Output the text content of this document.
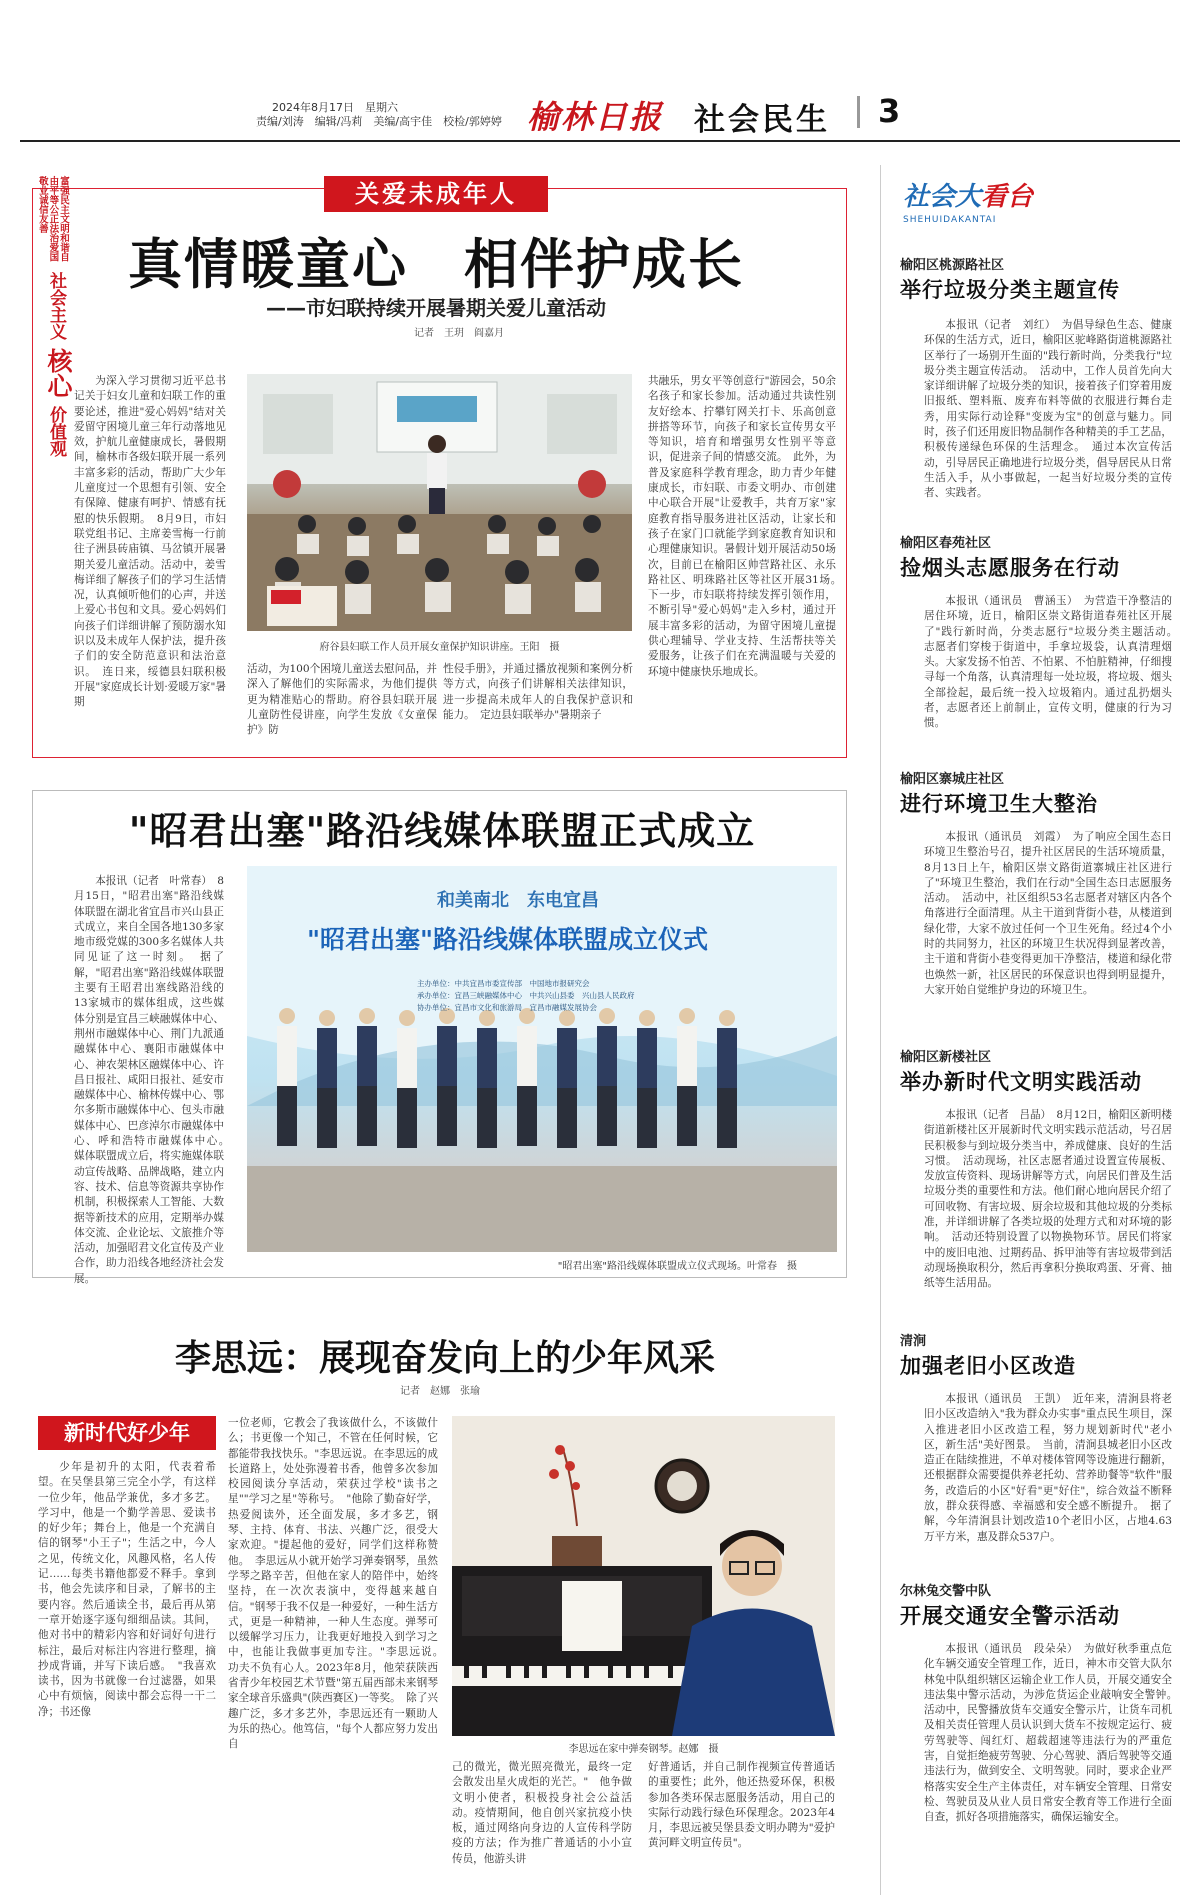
2024年8月17日　星期六
责编/刘涛　编辑/冯莉　美编/高宇佳　校检/郭婷婷 榆林日报 社会民生 3
富强民主文明和谐自由平等公正法治爱国敬业诚信友善
社会主义
核心
价值观
关爱未成年人
真情暖童心　相伴护成长
——市妇联持续开展暑期关爱儿童活动
记者　王玥　阎嘉月
为深入学习贯彻习近平总书记关于妇女儿童和妇联工作的重要论述，推进"爱心妈妈"结对关爱留守困境儿童三年行动落地见效，护航儿童健康成长，暑假期间，榆林市各级妇联开展一系列丰富多彩的活动，帮助广大少年儿童度过一个思想有引领、安全有保障、健康有呵护、情感有抚慰的快乐假期。　8月9日，市妇联党组书记、主席姜雪梅一行前往子洲县砖庙镇、马岔镇开展暑期关爱儿童活动。活动中，姜雪梅详细了解孩子们的学习生活情况，认真倾听他们的心声，并送上爱心书包和文具。爱心妈妈们向孩子们详细讲解了预防溺水知识以及未成年人保护法，提升孩子们的安全防范意识和法治意识。　连日来，绥德县妇联积极开展"家庭成长计划·爱暖万家"暑期
府谷县妇联工作人员开展女童保护知识讲座。王阳　摄
活动，为100个困境儿童送去慰问品，并深入了解他们的实际需求，为他们提供更为精准贴心的帮助。府谷县妇联开展儿童防性侵讲座，向学生发放《女童保护》防
性侵手册》，并通过播放视频和案例分析等方式，向孩子们讲解相关法律知识，进一步提高未成年人的自我保护意识和能力。　定边县妇联举办"暑期亲子
共融乐，男女平等创意行"游园会，50余名孩子和家长参加。活动通过共读性别友好绘本、拧攀钉网关打卡、乐高创意拼搭等环节，向孩子和家长宣传男女平等知识，培育和增强男女性别平等意识，促进亲子间的情感交流。　此外，为普及家庭科学教育理念，助力青少年健康成长，市妇联、市委文明办、市创建中心联合开展"让爱教手，共育万家"家庭教育指导服务进社区活动，让家长和孩子在家门口就能学到家庭教育知识和心理健康知识。暑假计划开展活动50场次，目前已在榆阳区帅营路社区、永乐路社区、明珠路社区等社区开展31场。　下一步，市妇联将持续发挥引领作用，不断引导"爱心妈妈"走入乡村，通过开展丰富多彩的活动，为留守困境儿童提供心理辅导、学业支持、生活帮扶等关爱服务，让孩子们在充满温暖与关爱的环境中健康快乐地成长。
"昭君出塞"路沿线媒体联盟正式成立
本报讯（记者　叶常春）　8月15日，"昭君出塞"路沿线媒体联盟在湖北省宜昌市兴山县正式成立，来自全国各地130多家地市级党媒的300多名媒体人共同见证了这一时刻。　据了解，"昭君出塞"路沿线媒体联盟主要有王昭君出塞线路沿线的13家城市的媒体组成，这些媒体分别是宜昌三峡融媒体中心、荆州市融媒体中心、荆门九派通融媒体中心、襄阳市融媒体中心、神农架林区融媒体中心、许昌日报社、咸阳日报社、延安市融媒体中心、榆林传媒中心、鄂尔多斯市融媒体中心、包头市融媒体中心、巴彦淖尔市融媒体中心、呼和浩特市融媒体中心。　媒体联盟成立后，将实施媒体联动宣传战略、品牌战略，建立内容、技术、信息等资源共享协作机制，积极探索人工智能、大数据等新技术的应用，定期举办媒体交流、企业论坛、文旅推介等活动，加强昭君文化宣传及产业合作，助力沿线各地经济社会发展。
和美南北　东电宜昌
"昭君出塞"路沿线媒体联盟成立仪式
主办单位：中共宜昌市委宣传部　中国地市报研究会
承办单位：宜昌三峡融媒体中心　中共兴山县委　兴山县人民政府
协办单位：宜昌市文化和旅游局　宜昌市融媒发展协会
"昭君出塞"路沿线媒体联盟成立仪式现场。叶常春　摄
李思远：展现奋发向上的少年风采
记者　赵娜　张瑜
新时代好少年
少年是初升的太阳，代表着希望。在吴堡县第三完全小学，有这样一位少年，他品学兼优，多才多艺。学习中，他是一个勤学善思、爱读书的好少年；舞台上，他是一个充满自信的钢琴"小王子"；生活之中，今人之见，传统文化，风趣风格，名人传记……每类书籍他都爱不释手。拿到书，他会先读序和目录，了解书的主要内容。然后通读全书，最后再从第一章开始逐字逐句细细品读。其间，他对书中的精彩内容和好词好句进行标注，最后对标注内容进行整理，摘抄成背诵，并写下读后感。　"我喜欢读书，因为书就像一台过滤器，如果心中有烦恼，阅读中都会忘得一干二净；书还像
一位老师，它教会了我该做什么，不该做什么；书更像一个知己，不管在任何时候，它都能带我找快乐。"李思远说。在李思远的成长道路上，处处弥漫着书香，他曾多次参加校园阅读分享活动，荣获过学校"读书之星""学习之星"等称号。　"他除了勤奋好学，热爱阅读外，还全面发展，多才多艺，钢琴、主持、体育、书法、兴趣广泛，很受大家欢迎。"提起他的爱好，同学们这样称赞他。　李思远从小就开始学习弹奏钢琴，虽然学琴之路辛苦，但他在家人的陪伴中，始终坚持，在一次次表演中，变得越来越自信。"钢琴于我不仅是一种爱好，一种生活方式，更是一种精神，一种人生态度。弹琴可以缓解学习压力，让我更好地投入到学习之中，也能让我做事更加专注。"李思远说。　功夫不负有心人。2023年8月，他荣获陕西省青少年校园艺术节暨"第五届西部未来钢琴家全球音乐盛典"(陕西赛区)一等奖。　除了兴趣广泛，多才多艺外，李思远还有一颗助人为乐的热心。他笃信，"每个人都应努力发出自	李思远在家中弹奏钢琴。赵娜　摄
己的微光，微光照亮微光，最终一定会散发出星火成炬的光芒。"　他争做文明小使者，积极投身社会公益活动。疫情期间，他自创兴家抗疫小快板，通过网络向身边的人宣传科学防疫的方法；作为推广普通话的小小宣传员，他游头讲
好普通话，并自己制作视频宣传普通话的重要性；此外，他还热爱环保，积极参加各类环保志愿服务活动，用自己的实际行动践行绿色环保理念。2023年4月，李思远被吴堡县委文明办聘为"爱护黄河畔文明宣传员"。
社会大看台
SHEHUIDAKANTAI
榆阳区桃源路社区
举行垃圾分类主题宣传
本报讯（记者　刘红）　为倡导绿色生态、健康环保的生活方式，近日，榆阳区驼峰路街道桃源路社区举行了一场别开生面的"践行新时尚，分类我行"垃圾分类主题宣传活动。　活动中，工作人员首先向大家详细讲解了垃圾分类的知识，接着孩子们穿着用废旧报纸、塑料瓶、废弃布料等做的衣服进行舞台走秀，用实际行动诠释"变废为宝"的创意与魅力。同时，孩子们还用废旧物品制作各种精美的手工艺品，积极传递绿色环保的生活理念。　通过本次宣传活动，引导居民正确地进行垃圾分类，倡导居民从日常生活入手，从小事做起，一起当好垃圾分类的宣传者、实践者。
榆阳区春苑社区
捡烟头志愿服务在行动
本报讯（通讯员　曹涵玉）　为营造干净整洁的居住环境，近日，榆阳区崇文路街道春苑社区开展了"践行新时尚，分类志愿行"垃圾分类主题活动。　志愿者们穿梭于街道中，手拿垃圾袋，认真清理烟头。大家发扬不怕苦、不怕累、不怕脏精神，仔细搜寻每一个角落，认真清理每一处垃圾，将垃圾、烟头全部捡起，最后统一投入垃圾箱内。通过乱扔烟头者，志愿者还上前制止，宣传文明，健康的行为习惯。
榆阳区寨城庄社区
进行环境卫生大整治
本报讯（通讯员　刘霞）　为了响应全国生态日环境卫生整治号召，提升社区居民的生活环境质量，8月13日上午，榆阳区崇文路街道寨城庄社区进行了"环境卫生整治，我们在行动"全国生态日志愿服务活动。　活动中，社区组织53名志愿者对辖区内各个角落进行全面清理。从主干道到背街小巷，从楼道到绿化带，大家不放过任何一个卫生死角。经过4个小时的共同努力，社区的环境卫生状况得到显著改善，主干道和背街小巷变得更加干净整洁，楼道和绿化带也焕然一新，社区居民的环保意识也得到明显提升，大家开始自觉维护身边的环境卫生。
榆阳区新楼社区
举办新时代文明实践活动
本报讯（记者　吕晶）　8月12日，榆阳区新明楼街道新楼社区开展新时代文明实践示范活动，号召居民积极参与到垃圾分类当中，养成健康、良好的生活习惯。　活动现场，社区志愿者通过设置宣传展板、发放宣传资料、现场讲解等方式，向居民们普及生活垃圾分类的重要性和方法。他们耐心地向居民介绍了可回收物、有害垃圾、厨余垃圾和其他垃圾的分类标准，并详细讲解了各类垃圾的处理方式和对环境的影响。　活动还特别设置了以物换物环节。居民们将家中的废旧电池、过期药品、拆甲油等有害垃圾带到活动现场换取积分，然后再拿积分换取鸡蛋、牙膏、抽纸等生活用品。
清涧
加强老旧小区改造
本报讯（通讯员　王凯）　近年来，清涧县将老旧小区改造纳入"我为群众办实事"重点民生项目，深入推进老旧小区改造工程，努力规划新时代"老小区，新生活"美好图景。　当前，清涧县城老旧小区改造正在陆续推进，不单对楼体管网等设施进行翻新，还根据群众需要提供养老托幼、营养助餐等"软件"服务，改造后的小区"好看"更"好住"，综合效益不断释放，群众获得感、幸福感和安全感不断提升。　据了解，今年清涧县计划改造10个老旧小区，占地4.63万平方米，惠及群众537户。
尔林兔交警中队
开展交通安全警示活动
本报讯（通讯员　段朵朵）　为做好秋季重点危化车辆交通安全管理工作，近日，神木市交管大队尔林兔中队组织辖区运输企业工作人员，开展交通安全违法集中警示活动，为涉危货运企业敲响安全警钟。　活动中，民警播放货车交通安全警示片，让货车司机及相关责任管理人员认识到大货车不按规定运行、疲劳驾驶等、闯红灯、超载超速等违法行为的严重危害，自觉拒绝疲劳驾驶、分心驾驶、酒后驾驶等交通违法行为，做到安全、文明驾驶。同时，要求企业严格落实安全生产主体责任，对车辆安全管理、日常安检、驾驶员及从业人员日常安全教育等工作进行全面自查，抓好各项措施落实，确保运输安全。
